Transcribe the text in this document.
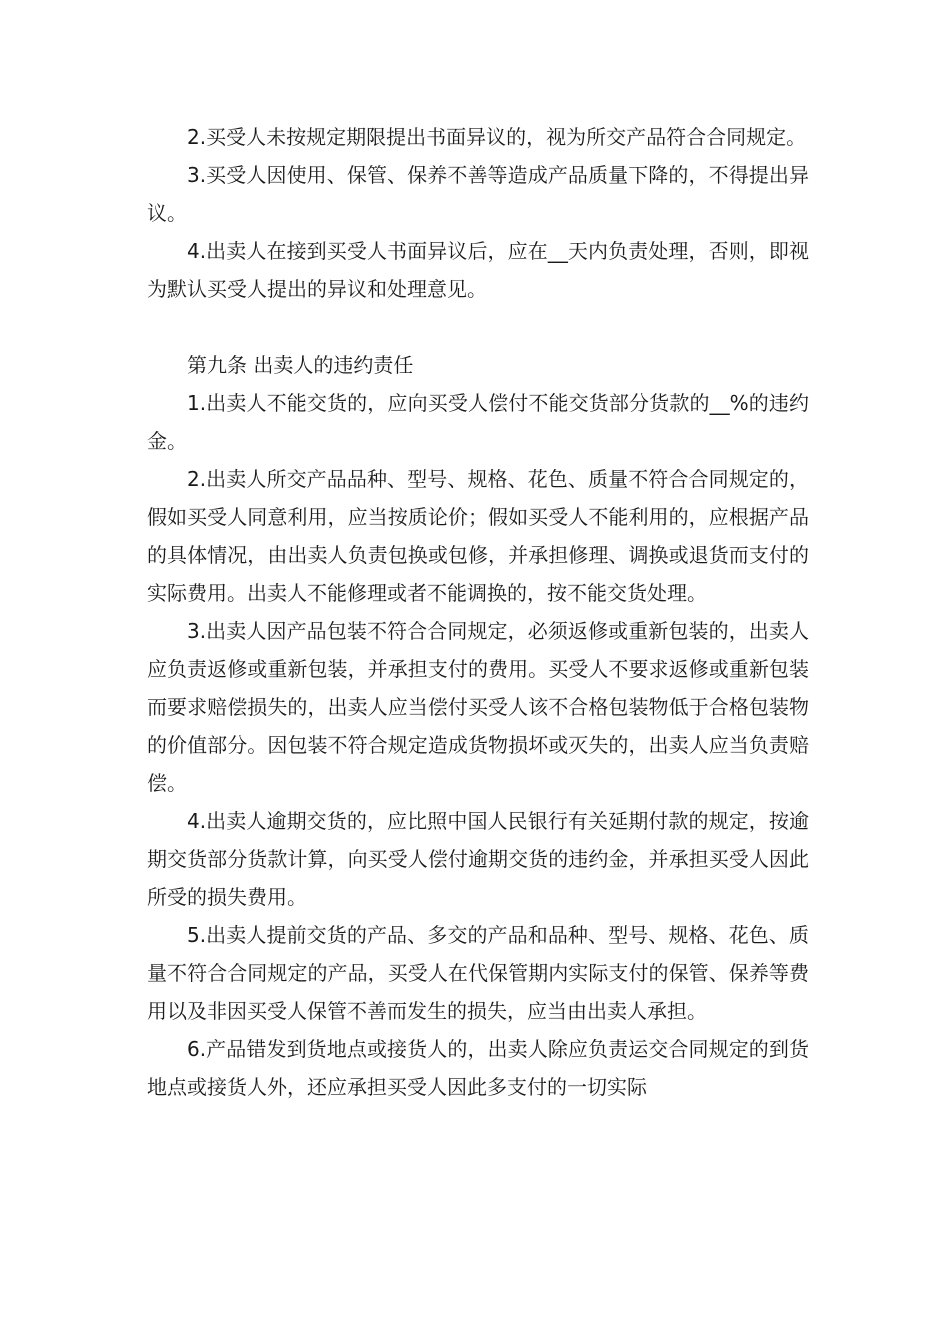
2.买受人未按规定期限提出书面异议的，视为所交产品符合合同规定。

3.买受人因使用、保管、保养不善等造成产品质量下降的，不得提出异议。

4.出卖人在接到买受人书面异议后，应在__天内负责处理，否则，即视为默认买受人提出的异议和处理意见。

第九条 出卖人的违约责任

1.出卖人不能交货的，应向买受人偿付不能交货部分货款的__%的违约金。

2.出卖人所交产品品种、型号、规格、花色、质量不符合合同规定的，假如买受人同意利用，应当按质论价；假如买受人不能利用的，应根据产品的具体情况，由出卖人负责包换或包修，并承担修理、调换或退货而支付的实际费用。出卖人不能修理或者不能调换的，按不能交货处理。

3.出卖人因产品包装不符合合同规定，必须返修或重新包装的，出卖人应负责返修或重新包装，并承担支付的费用。买受人不要求返修或重新包装而要求赔偿损失的，出卖人应当偿付买受人该不合格包装物低于合格包装物的价值部分。因包装不符合规定造成货物损坏或灭失的，出卖人应当负责赔偿。

4.出卖人逾期交货的，应比照中国人民银行有关延期付款的规定，按逾期交货部分货款计算，向买受人偿付逾期交货的违约金，并承担买受人因此所受的损失费用。

5.出卖人提前交货的产品、多交的产品和品种、型号、规格、花色、质量不符合合同规定的产品，买受人在代保管期内实际支付的保管、保养等费用以及非因买受人保管不善而发生的损失，应当由出卖人承担。

6.产品错发到货地点或接货人的，出卖人除应负责运交合同规定的到货地点或接货人外，还应承担买受人因此多支付的一切实际
